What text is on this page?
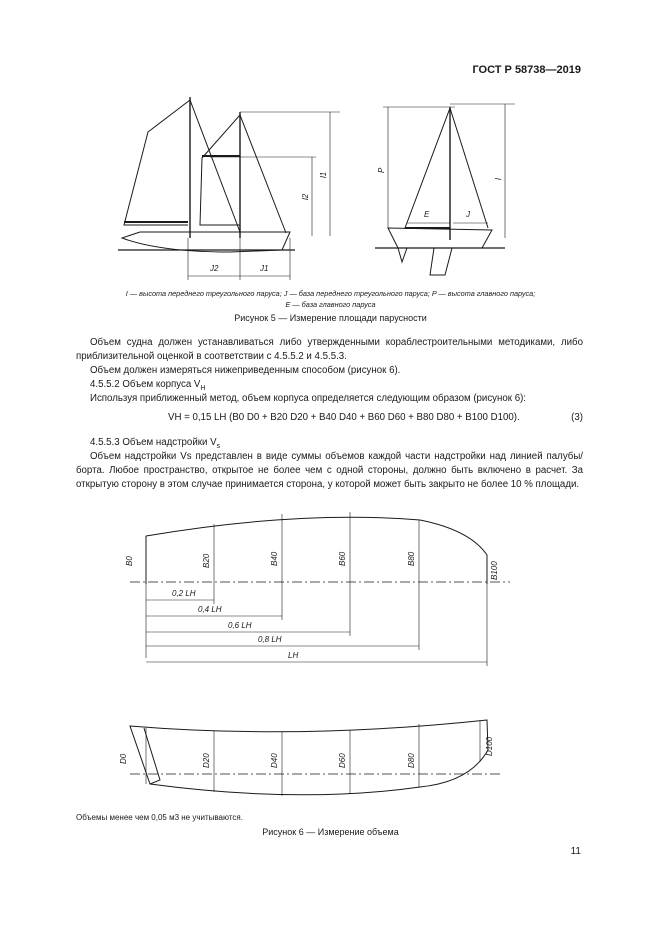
ГОСТ Р 58738—2019
J2	J1
l2
l1
P
E	J
l
I — высота переднего треугольного паруса; J — база переднего треугольного паруса; P — высота главного паруса;
E — база главного паруса
Рисунок 5 — Измерение площади парусности
Объем судна должен устанавливаться либо утвержденными кораблестроительными методиками, либо приблизительной оценкой в соответствии с 4.5.5.2 и 4.5.5.3.
Объем должен измеряться нижеприведенным способом (рисунок 6).
4.5.5.2 Объем корпуса $V_H$
Используя приближенный метод, объем корпуса определяется следующим образом (рисунок 6):
VH = 0,15 LH (B0 D0 + B20 D20 + B40 D40 + B60 D60 + B80 D80 + B100 D100).	(3)
4.5.5.3 Объем надстройки $V_s$
Объем надстройки Vs представлен в виде суммы объемов каждой части надстройки над линией палубы/борта. Любое пространство, открытое не более чем с одной стороны, должно быть включено в расчет. За открытую сторону в этом случае принимается сторона, у которой может быть закрыто не более 10 % площади.
B0	B20	B40	B60	B80
B100
0,2 LH
0,4 LH
0,6 LH
0,8 LH
LH
D0	D20	D40	D60	D80
D100
Объемы менее чем 0,05 м3 не учитываются.
Рисунок 6 — Измерение объема
11
